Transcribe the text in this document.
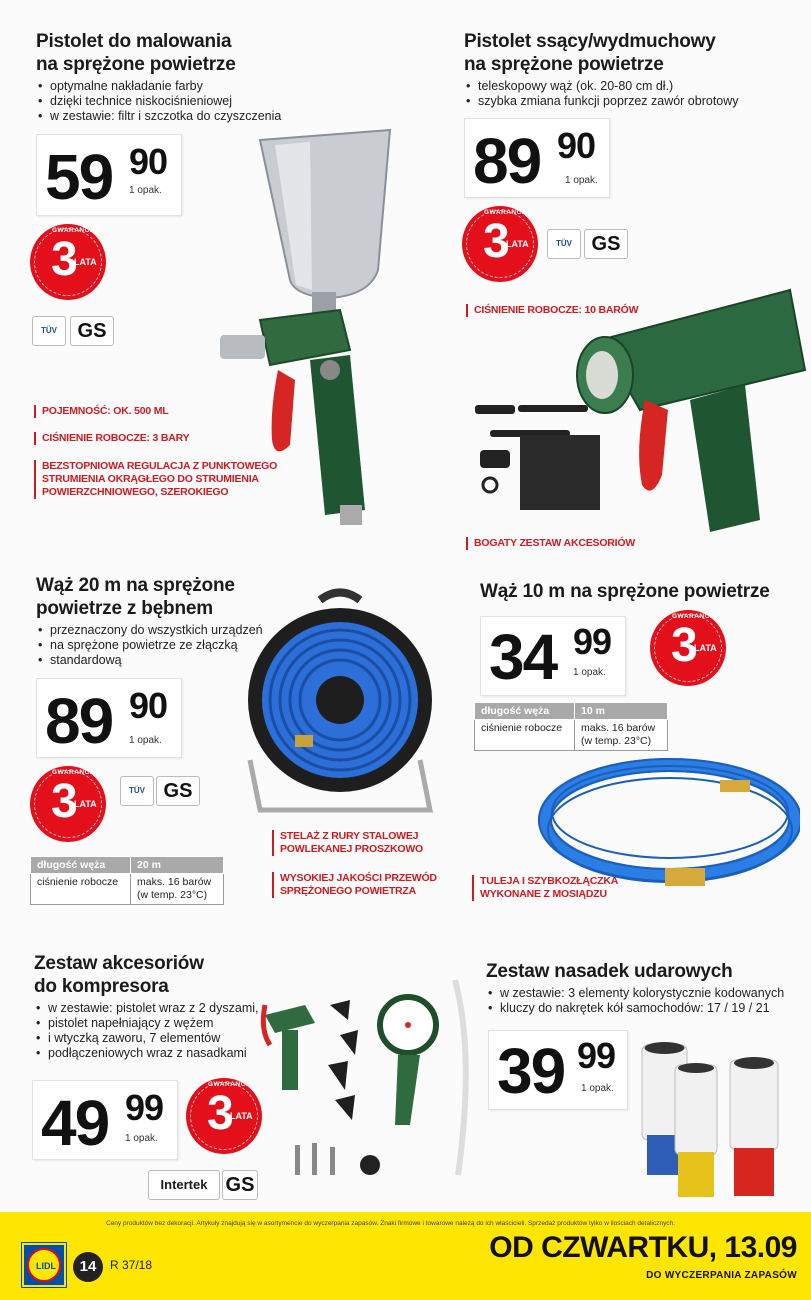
Pistolet do malowania
na sprężone powietrze
• optymalne nakładanie farby
• dzięki technice niskociśnieniowej
• w zestawie: filtr i szczotka do czyszczenia
59 90
1 opak.
GWARANCJA
3
LATA
TÜV	GS
POJEMNOŚĆ: OK. 500 ML
CIŚNIENIE ROBOCZE: 3 BARY
BEZSTOPNIOWA REGULACJA Z PUNKTOWEGO
STRUMIENIA OKRĄGŁEGO DO STRUMIENIA
POWIERZCHNIOWEGO, SZEROKIEGO
Pistolet ssący/wydmuchowy
na sprężone powietrze
• teleskopowy wąż (ok. 20-80 cm dł.)
• szybka zmiana funkcji poprzez zawór obrotowy
89 90
1 opak.
GWARANCJA
3
LATA	TÜV GS
CIŚNIENIE ROBOCZE: 10 BARÓW
BOGATY ZESTAW AKCESORIÓW
Wąż 20 m na sprężone
powietrze z bębnem
• przeznaczony do wszystkich urządzeń
• na sprężone powietrze ze złączką
• standardową
89 90
1 opak.
GWARANCJA
3
LATA
TÜV GS
długość węża	20 m
ciśnienie robocze	maks. 16 barów
(w temp. 23°C)
STELAŻ Z RURY STALOWEJ
POWLEKANEJ PROSZKOWO
WYSOKIEJ JAKOŚCI PRZEWÓD
SPRĘŻONEGO POWIETRZA
Wąż 10 m na sprężone powietrze
34 99
1 opak.
GWARANCJA
3
LATA
długość węża	10 m
ciśnienie robocze	maks. 16 barów
(w temp. 23°C)
TULEJA I SZYBKOZŁĄCZKA
WYKONANE Z MOSIĄDZU
Zestaw akcesoriów
do kompresora
• w zestawie: pistolet wraz z 2 dyszami,
• pistolet napełniający z wężem
• i wtyczką zaworu, 7 elementów
• podłączeniowych wraz z nasadkami
49 99
1 opak.
GWARANCJA
3
LATA
Intertek GS
Zestaw nasadek udarowych
• w zestawie: 3 elementy kolorystycznie kodowanych
• kluczy do nakrętek kół samochodów: 17 / 19 / 21
39 99
1 opak.
Ceny produktów bez dekoracji. Artykuły znajdują się w asortymencie do wyczerpania zapasów. Znaki firmowe i towarowe należą do ich właścicieli. Sprzedaż produktów tylko w ilościach detalicznych.
LIDL	14	R 37/18
OD CZWARTKU, 13.09
DO WYCZERPANIA ZAPASÓW
